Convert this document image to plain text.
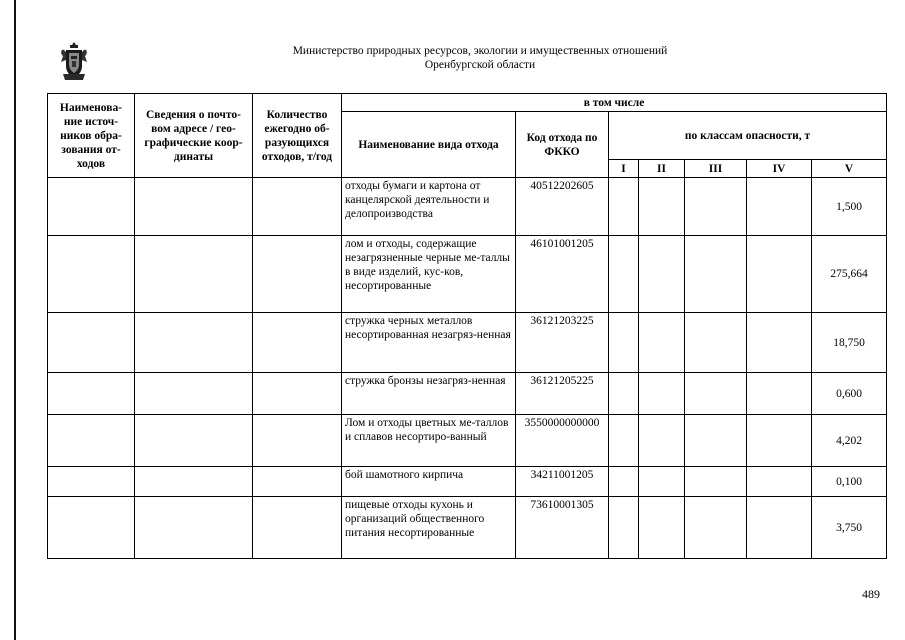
Министерство природных ресурсов, экологии и имущественных отношений
Оренбургской области
Наименова-ние источ-ников обра-зования от-ходов	Сведения о почто-вом адресе / гео-графические коор-динаты	Количество ежегодно об-разующихся отходов, т/год	в том числе						
			Наименование вида отхода	Код отхода по ФККО	по классам опасности, т				
					I	II	III	IV	V
			отходы бумаги и картона от канцелярской деятельности и делопроизводства	40512202605					1,500
			лом и отходы, содержащие незагрязненные черные ме-таллы в виде изделий, кус-ков, несортированные	46101001205					275,664
			стружка черных металлов несортированная незагряз-ненная	36121203225					18,750
			стружка бронзы незагряз-ненная	36121205225					0,600
			Лом и отходы цветных ме-таллов и сплавов несортиро-ванный	3550000000000					4,202
			бой шамотного кирпича	34211001205					0,100
			пищевые отходы кухонь и организаций общественного питания несортированные	73610001305					3,750
489
